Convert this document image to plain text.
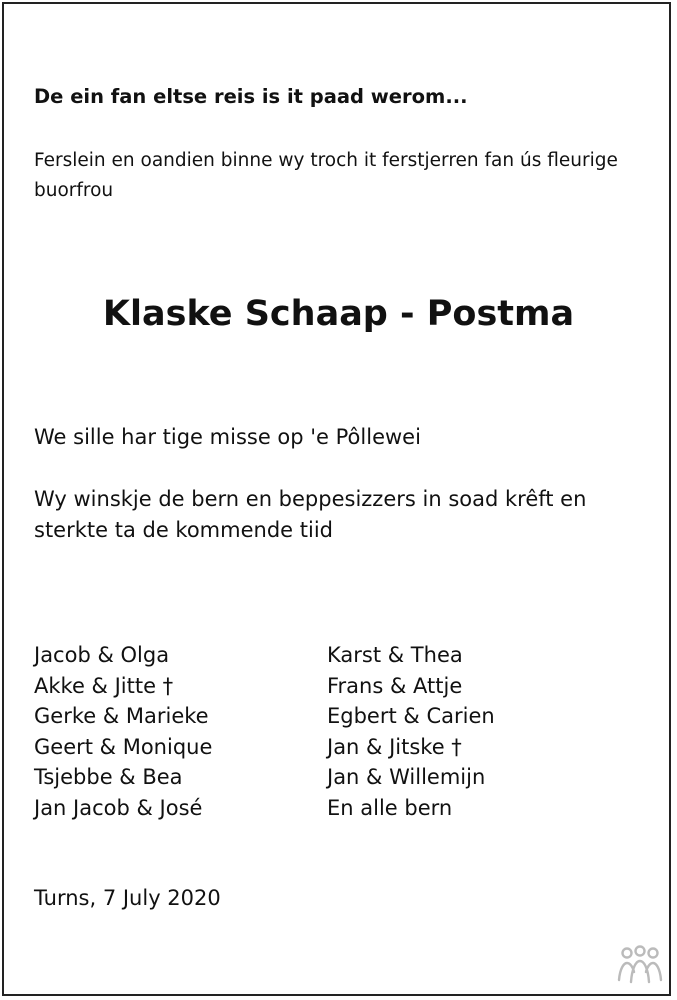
De ein fan eltse reis is it paad werom...
Ferslein en oandien binne wy troch it ferstjerren fan ús fleurige buorfrou
Klaske Schaap - Postma
We sille har tige misse op 'e Pôllewei
Wy winskje de bern en beppesizzers in soad krêft en sterkte ta de kommende tiid
Jacob & Olga
Akke & Jitte †
Gerke & Marieke
Geert & Monique
Tsjebbe & Bea
Jan Jacob & José
Karst & Thea
Frans & Attje
Egbert & Carien
Jan & Jitske †
Jan & Willemijn
En alle bern
Turns, 7 July 2020
